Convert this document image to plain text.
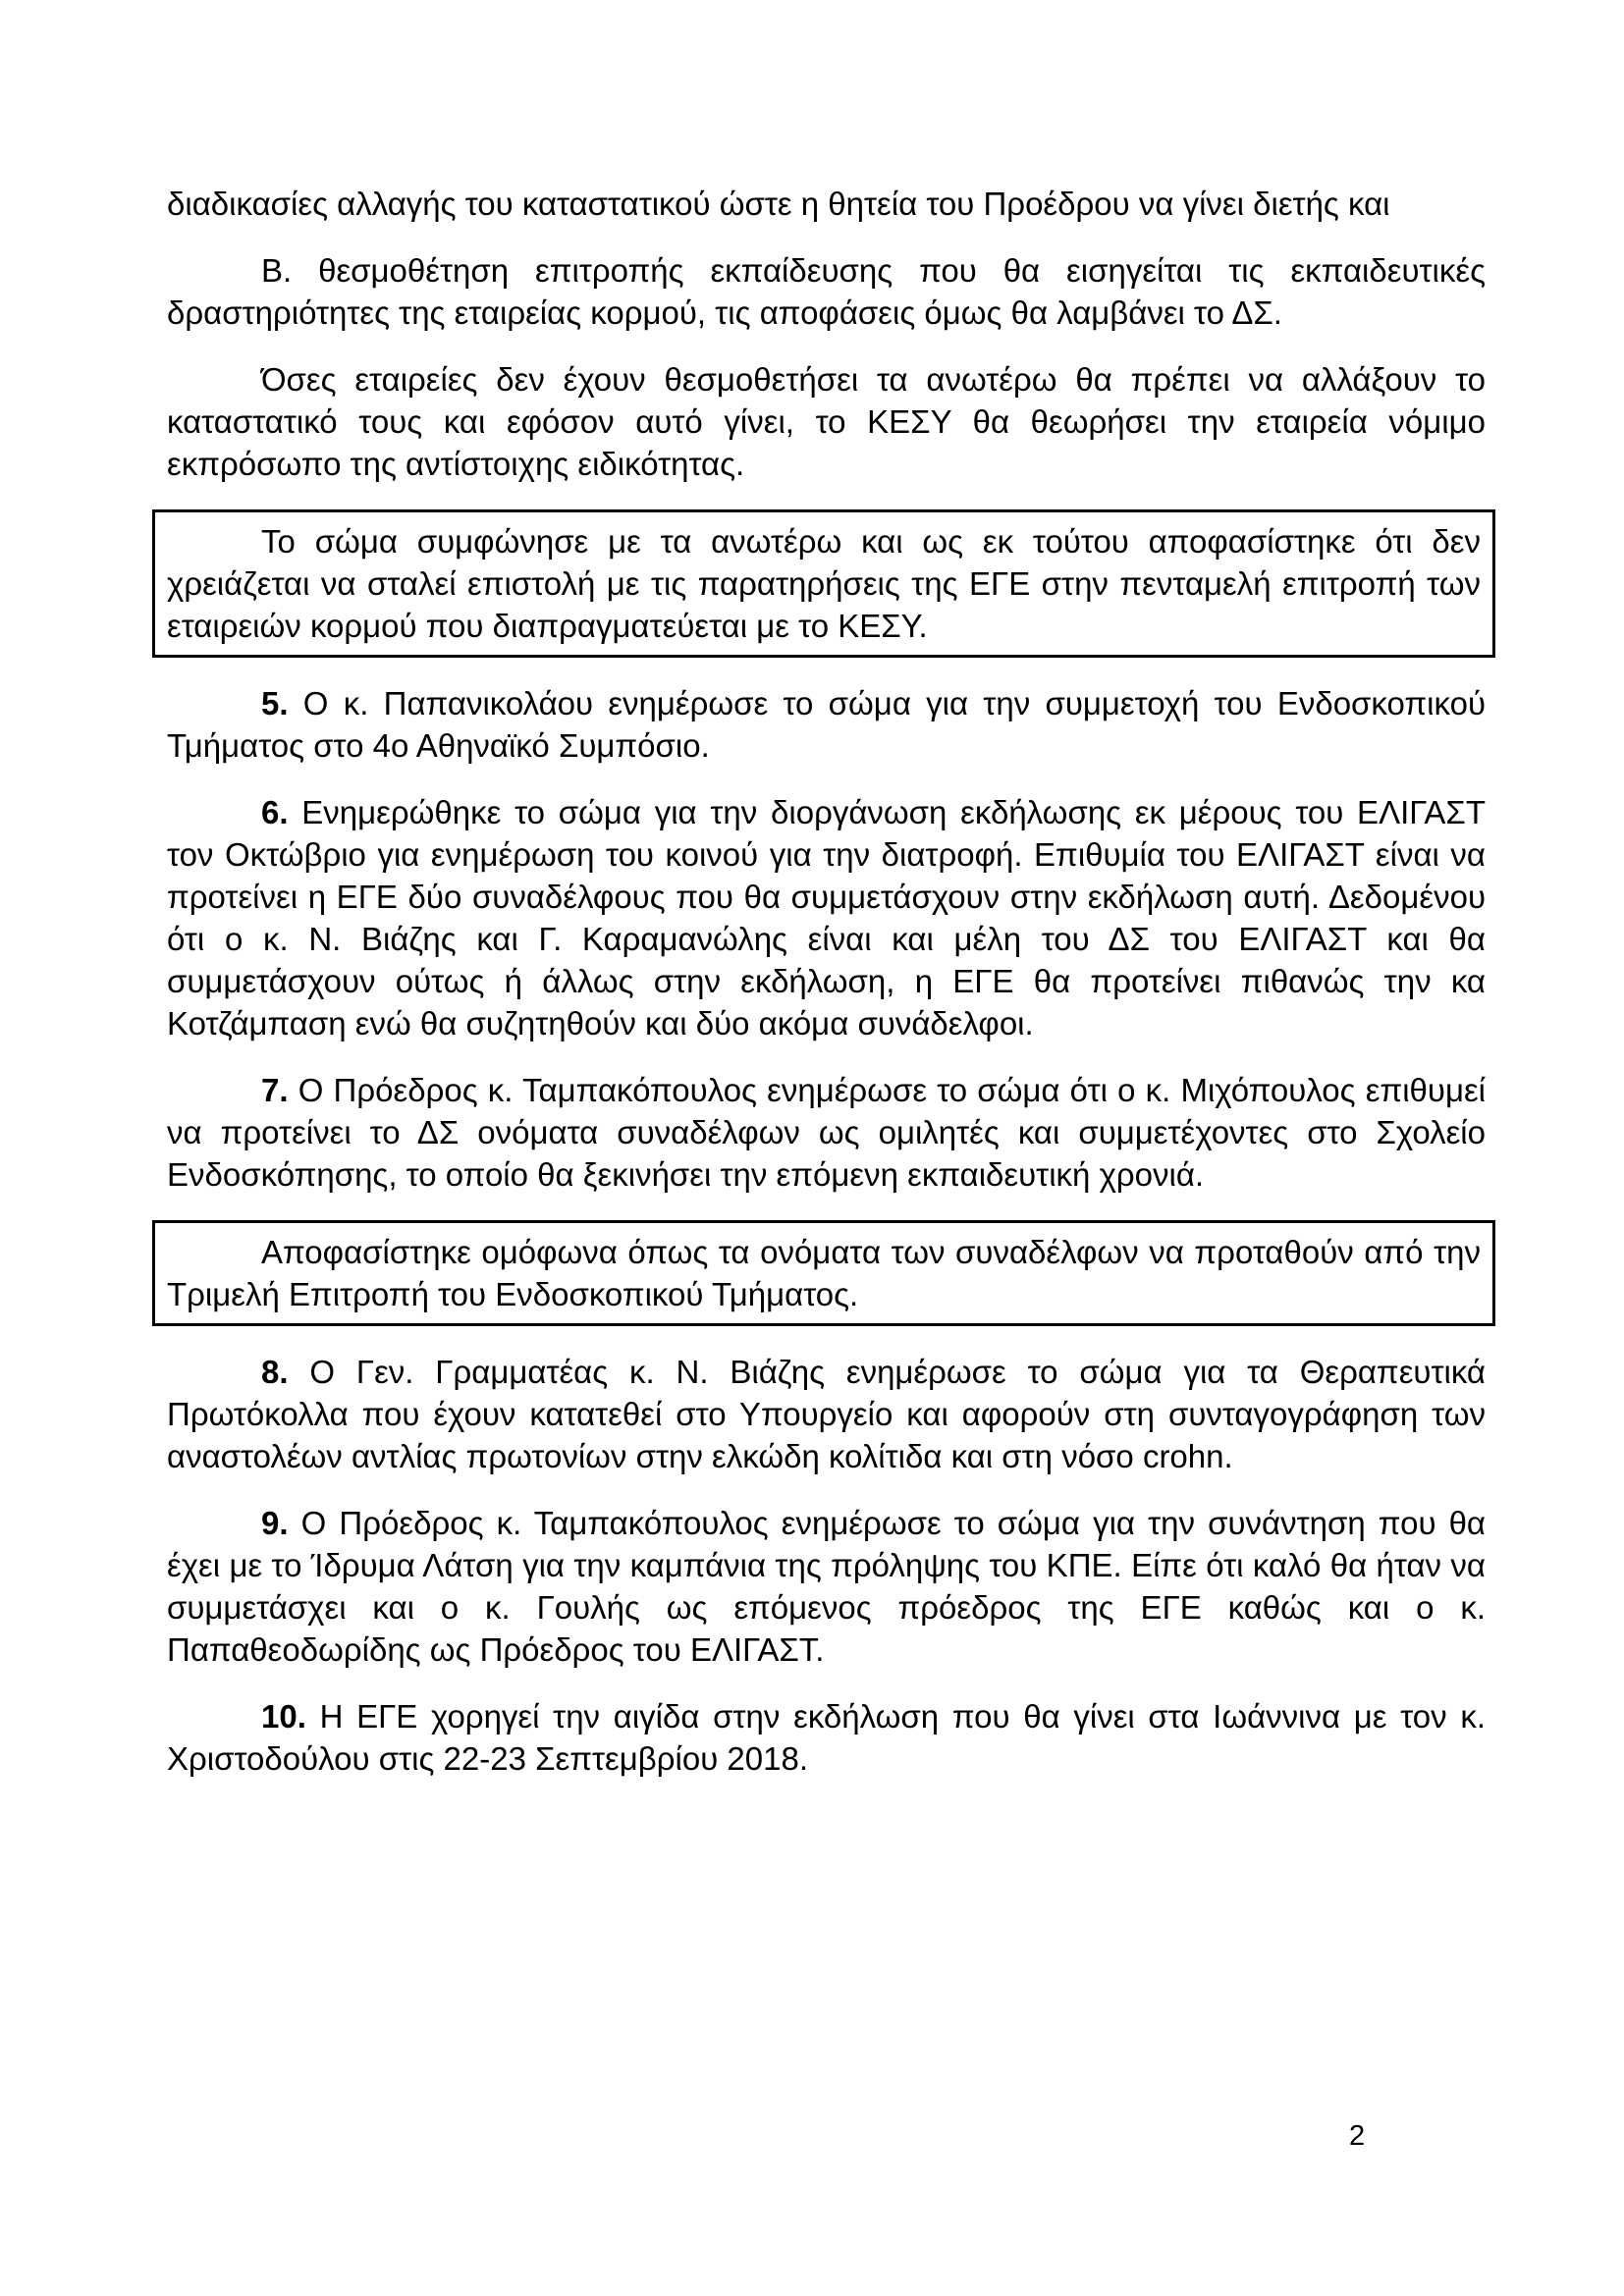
διαδικασίες αλλαγής του καταστατικού ώστε η θητεία του Προέδρου να γίνει διετής και

Β. θεσμοθέτηση επιτροπής εκπαίδευσης που θα εισηγείται τις εκπαιδευτικές δραστηριότητες της εταιρείας κορμού, τις αποφάσεις όμως θα λαμβάνει το ΔΣ.

Όσες εταιρείες δεν έχουν θεσμοθετήσει τα ανωτέρω θα πρέπει να αλλάξουν το καταστατικό τους και εφόσον αυτό γίνει, το ΚΕΣΥ θα θεωρήσει την εταιρεία νόμιμο εκπρόσωπο της αντίστοιχης ειδικότητας.

Το σώμα συμφώνησε με τα ανωτέρω και ως εκ τούτου αποφασίστηκε ότι δεν χρειάζεται να σταλεί επιστολή με τις παρατηρήσεις της ΕΓΕ στην πενταμελή επιτροπή των εταιρειών κορμού που διαπραγματεύεται με το ΚΕΣΥ.

5. Ο κ. Παπανικολάου ενημέρωσε το σώμα για την συμμετοχή του Ενδοσκοπικού Τμήματος στο 4ο Αθηναϊκό Συμπόσιο.

6. Ενημερώθηκε το σώμα για την διοργάνωση εκδήλωσης εκ μέρους του ΕΛΙΓΑΣΤ τον Οκτώβριο για ενημέρωση του κοινού για την διατροφή. Επιθυμία του ΕΛΙΓΑΣΤ είναι να προτείνει η ΕΓΕ δύο συναδέλφους που θα συμμετάσχουν στην εκδήλωση αυτή. Δεδομένου ότι ο κ. Ν. Βιάζης και Γ. Καραμανώλης είναι και μέλη του ΔΣ του ΕΛΙΓΑΣΤ και θα συμμετάσχουν ούτως ή άλλως στην εκδήλωση, η ΕΓΕ θα προτείνει πιθανώς την κα Κοτζάμπαση ενώ θα συζητηθούν και δύο ακόμα συνάδελφοι.

7. Ο Πρόεδρος κ. Ταμπακόπουλος ενημέρωσε το σώμα ότι ο κ. Μιχόπουλος επιθυμεί να προτείνει το ΔΣ ονόματα συναδέλφων ως ομιλητές και συμμετέχοντες στο Σχολείο Ενδοσκόπησης, το οποίο θα ξεκινήσει την επόμενη εκπαιδευτική χρονιά.

Αποφασίστηκε ομόφωνα όπως τα ονόματα των συναδέλφων να προταθούν από την Τριμελή Επιτροπή του Ενδοσκοπικού Τμήματος.

8. Ο Γεν. Γραμματέας κ. Ν. Βιάζης ενημέρωσε το σώμα για τα Θεραπευτικά Πρωτόκολλα που έχουν κατατεθεί στο Υπουργείο και αφορούν στη συνταγογράφηση των αναστολέων αντλίας πρωτονίων στην ελκώδη κολίτιδα και στη νόσο crohn.

9. Ο Πρόεδρος κ. Ταμπακόπουλος ενημέρωσε το σώμα για την συνάντηση που θα έχει με το Ίδρυμα Λάτση για την καμπάνια της πρόληψης του ΚΠΕ. Είπε ότι καλό θα ήταν να συμμετάσχει και ο κ. Γουλής ως επόμενος πρόεδρος της ΕΓΕ καθώς και ο κ. Παπαθεοδωρίδης ως Πρόεδρος του ΕΛΙΓΑΣΤ.

10. Η ΕΓΕ χορηγεί την αιγίδα στην εκδήλωση που θα γίνει στα Ιωάννινα με τον κ. Χριστοδούλου στις 22-23 Σεπτεμβρίου 2018.

2
